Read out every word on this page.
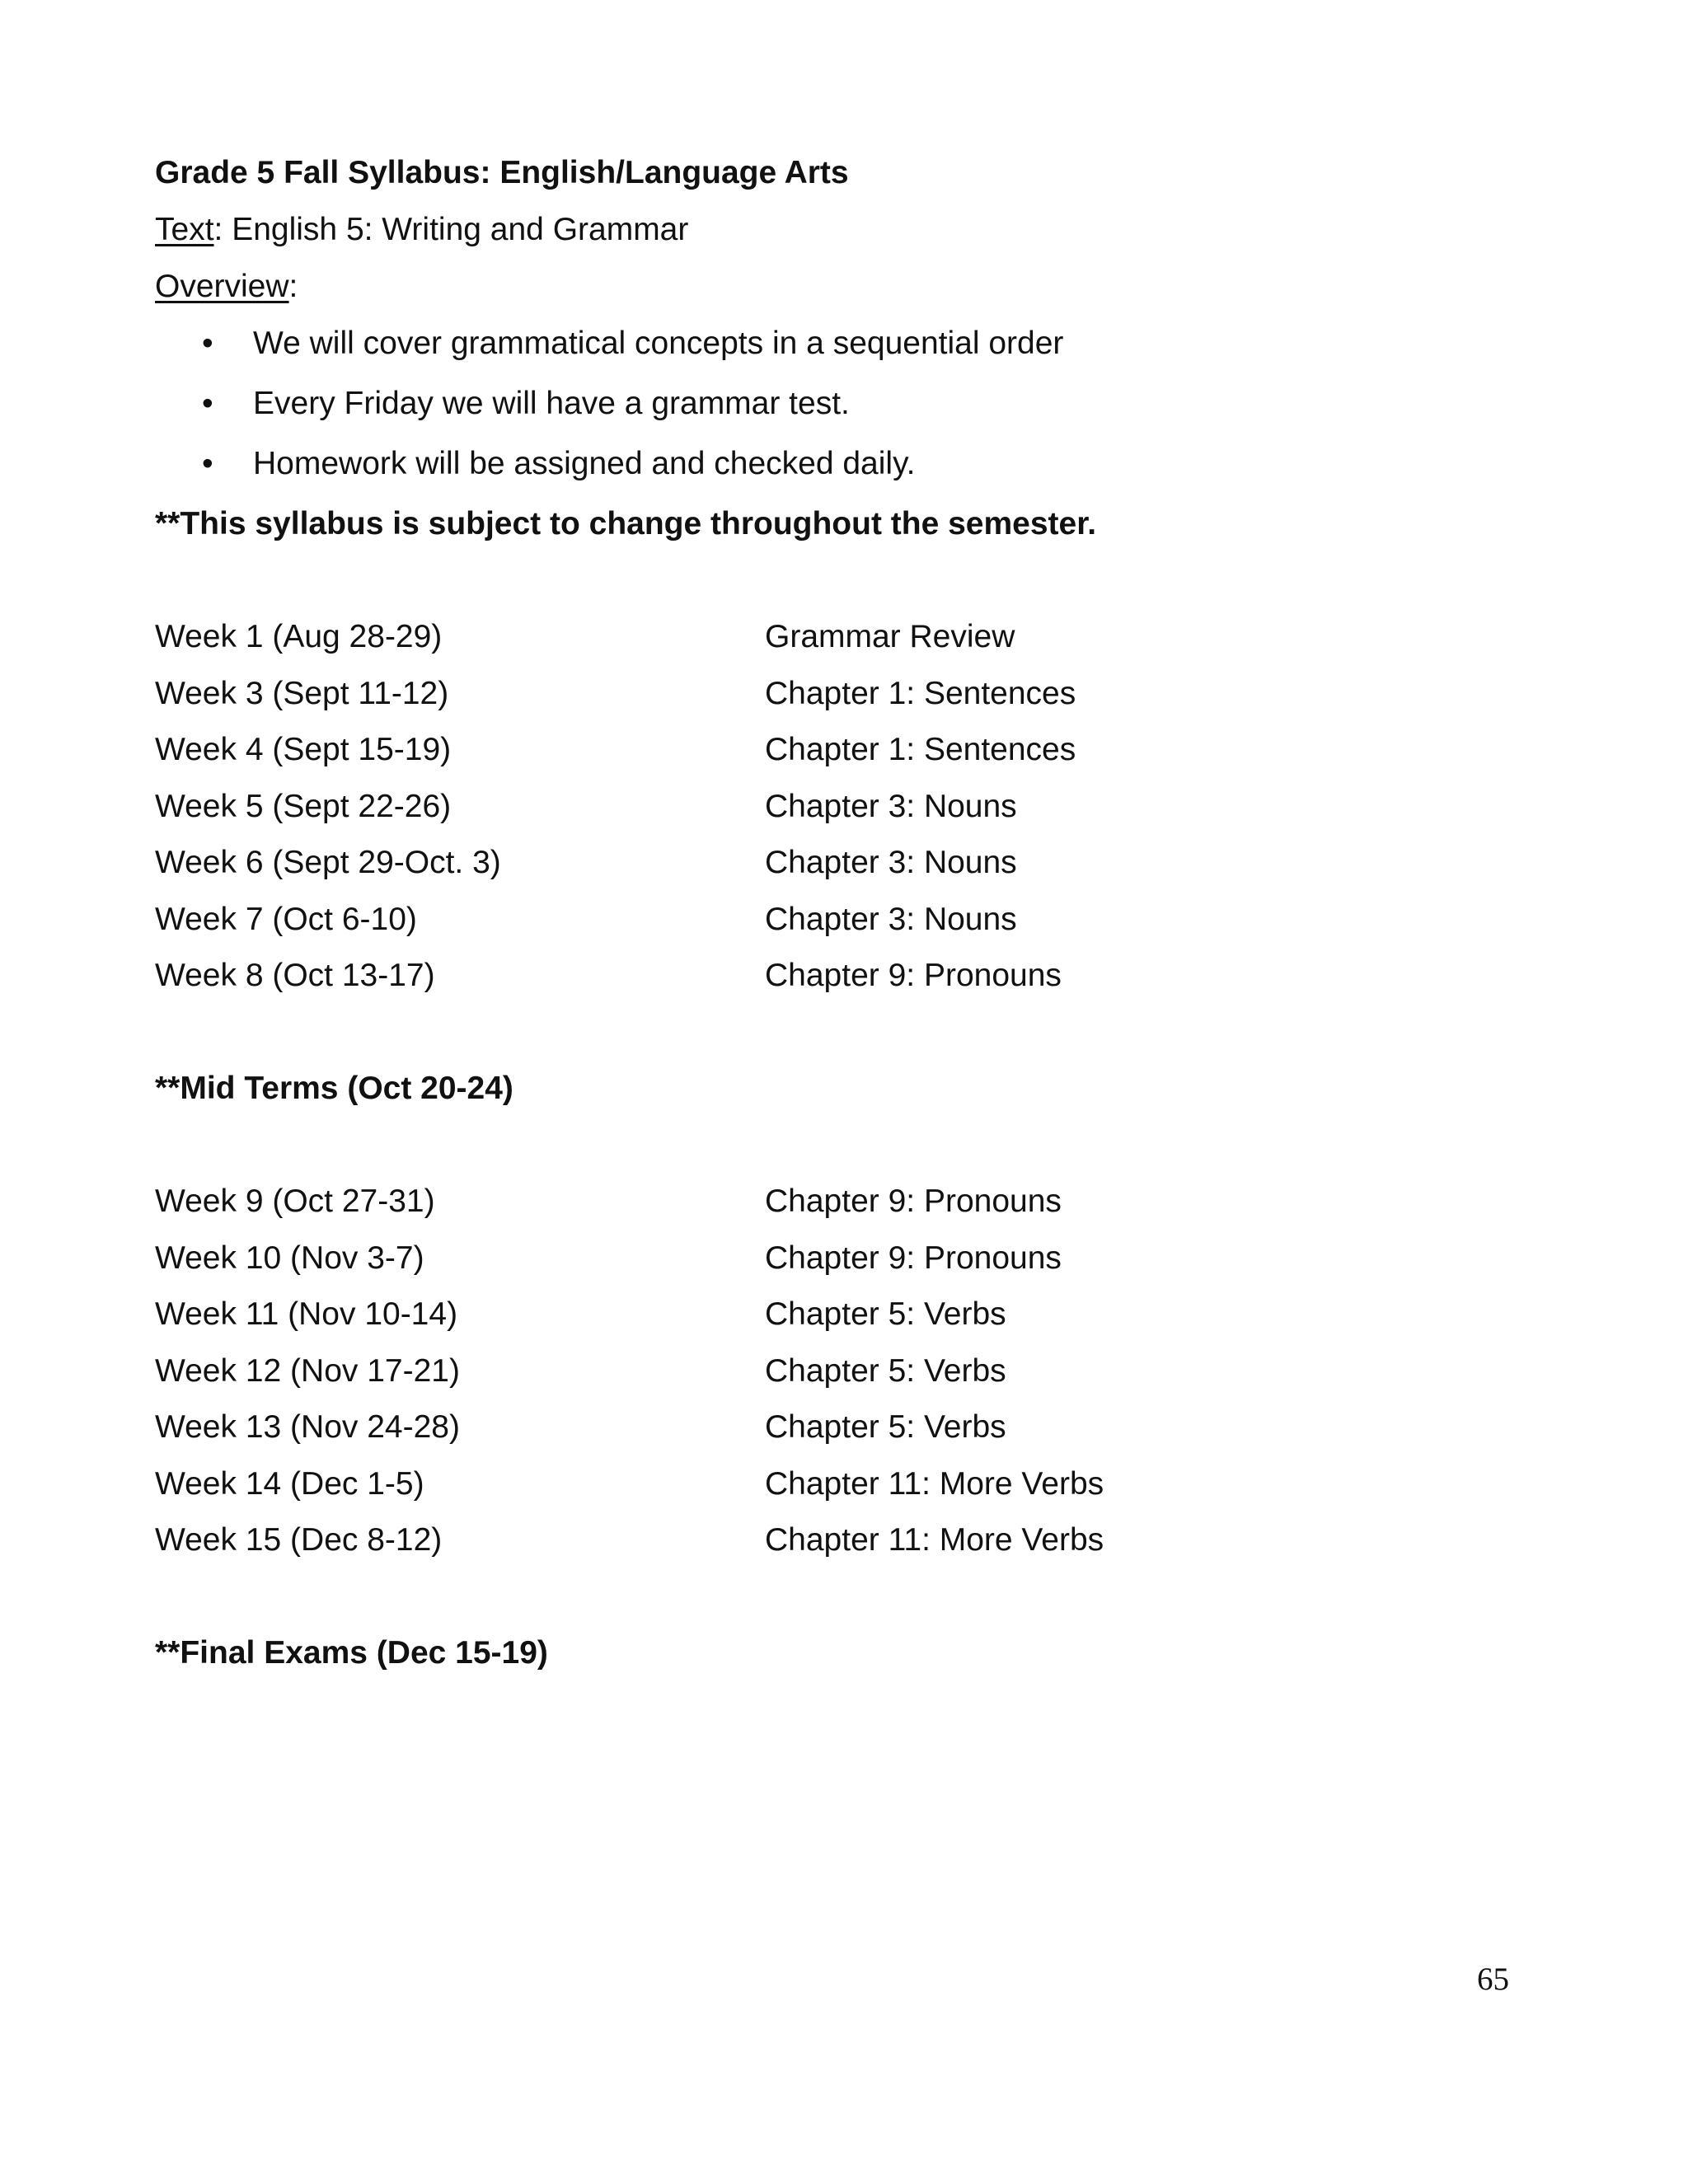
Grade 5 Fall Syllabus: English/Language Arts
Text: English 5: Writing and Grammar
Overview:
• We will cover grammatical concepts in a sequential order
• Every Friday we will have a grammar test.
• Homework will be assigned and checked daily.
**This syllabus is subject to change throughout the semester.
Week 1 (Aug 28-29)	Grammar Review
Week 3 (Sept 11-12)	Chapter 1: Sentences
Week 4 (Sept 15-19)	Chapter 1: Sentences
Week 5 (Sept 22-26)	Chapter 3: Nouns
Week 6 (Sept 29-Oct. 3)	Chapter 3: Nouns
Week 7 (Oct 6-10)	Chapter 3: Nouns
Week 8 (Oct 13-17)	Chapter 9: Pronouns
**Mid Terms (Oct 20-24)
Week 9 (Oct 27-31)	Chapter 9: Pronouns
Week 10 (Nov 3-7)	Chapter 9: Pronouns
Week 11 (Nov 10-14)	Chapter 5: Verbs
Week 12 (Nov 17-21)	Chapter 5: Verbs
Week 13 (Nov 24-28)	Chapter 5: Verbs
Week 14 (Dec 1-5)	Chapter 11: More Verbs
Week 15 (Dec 8-12)	Chapter 11: More Verbs
**Final Exams (Dec 15-19)
65
